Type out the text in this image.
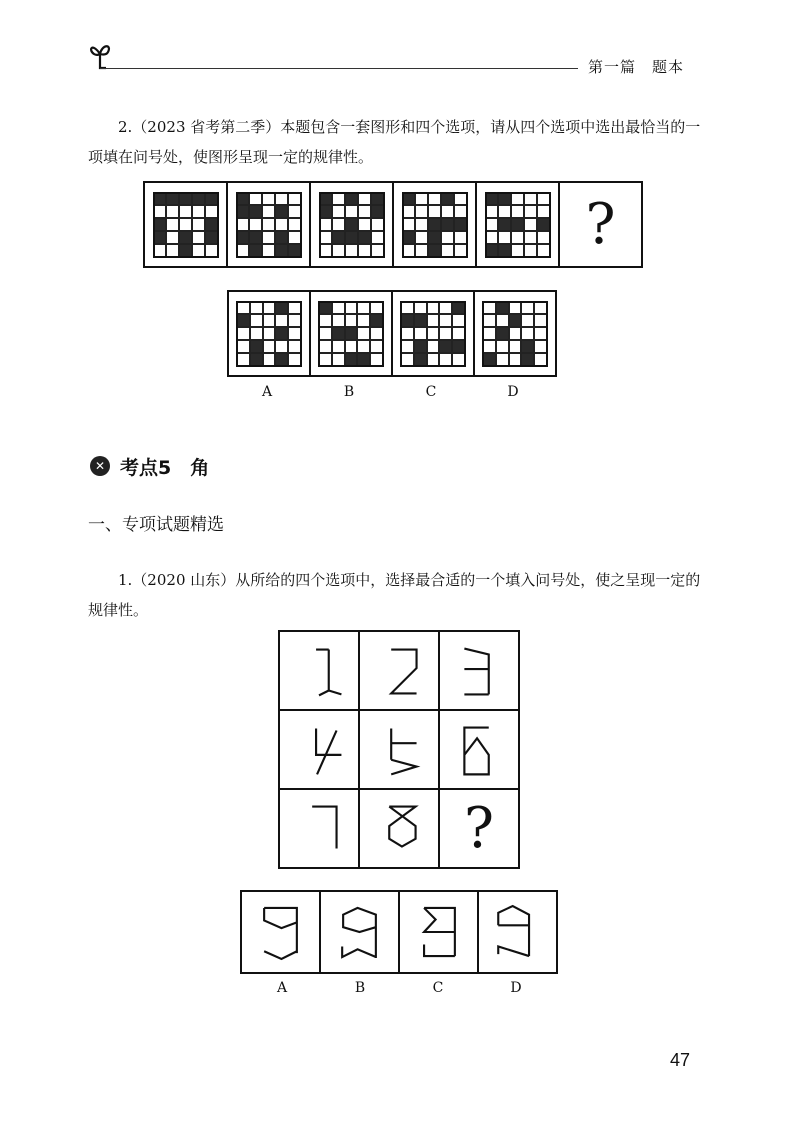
第一篇　题本
2.（2023 省考第二季）本题包含一套图形和四个选项，请从四个选项中选出最恰当的一项填在问号处，使图形呈现一定的规律性。
?
A	B	C	D
✕ 考点5　角
一、专项试题精选
1.（2020 山东）从所给的四个选项中，选择最合适的一个填入问号处，使之呈现一定的规律性。
?
A	B	C	D
47
